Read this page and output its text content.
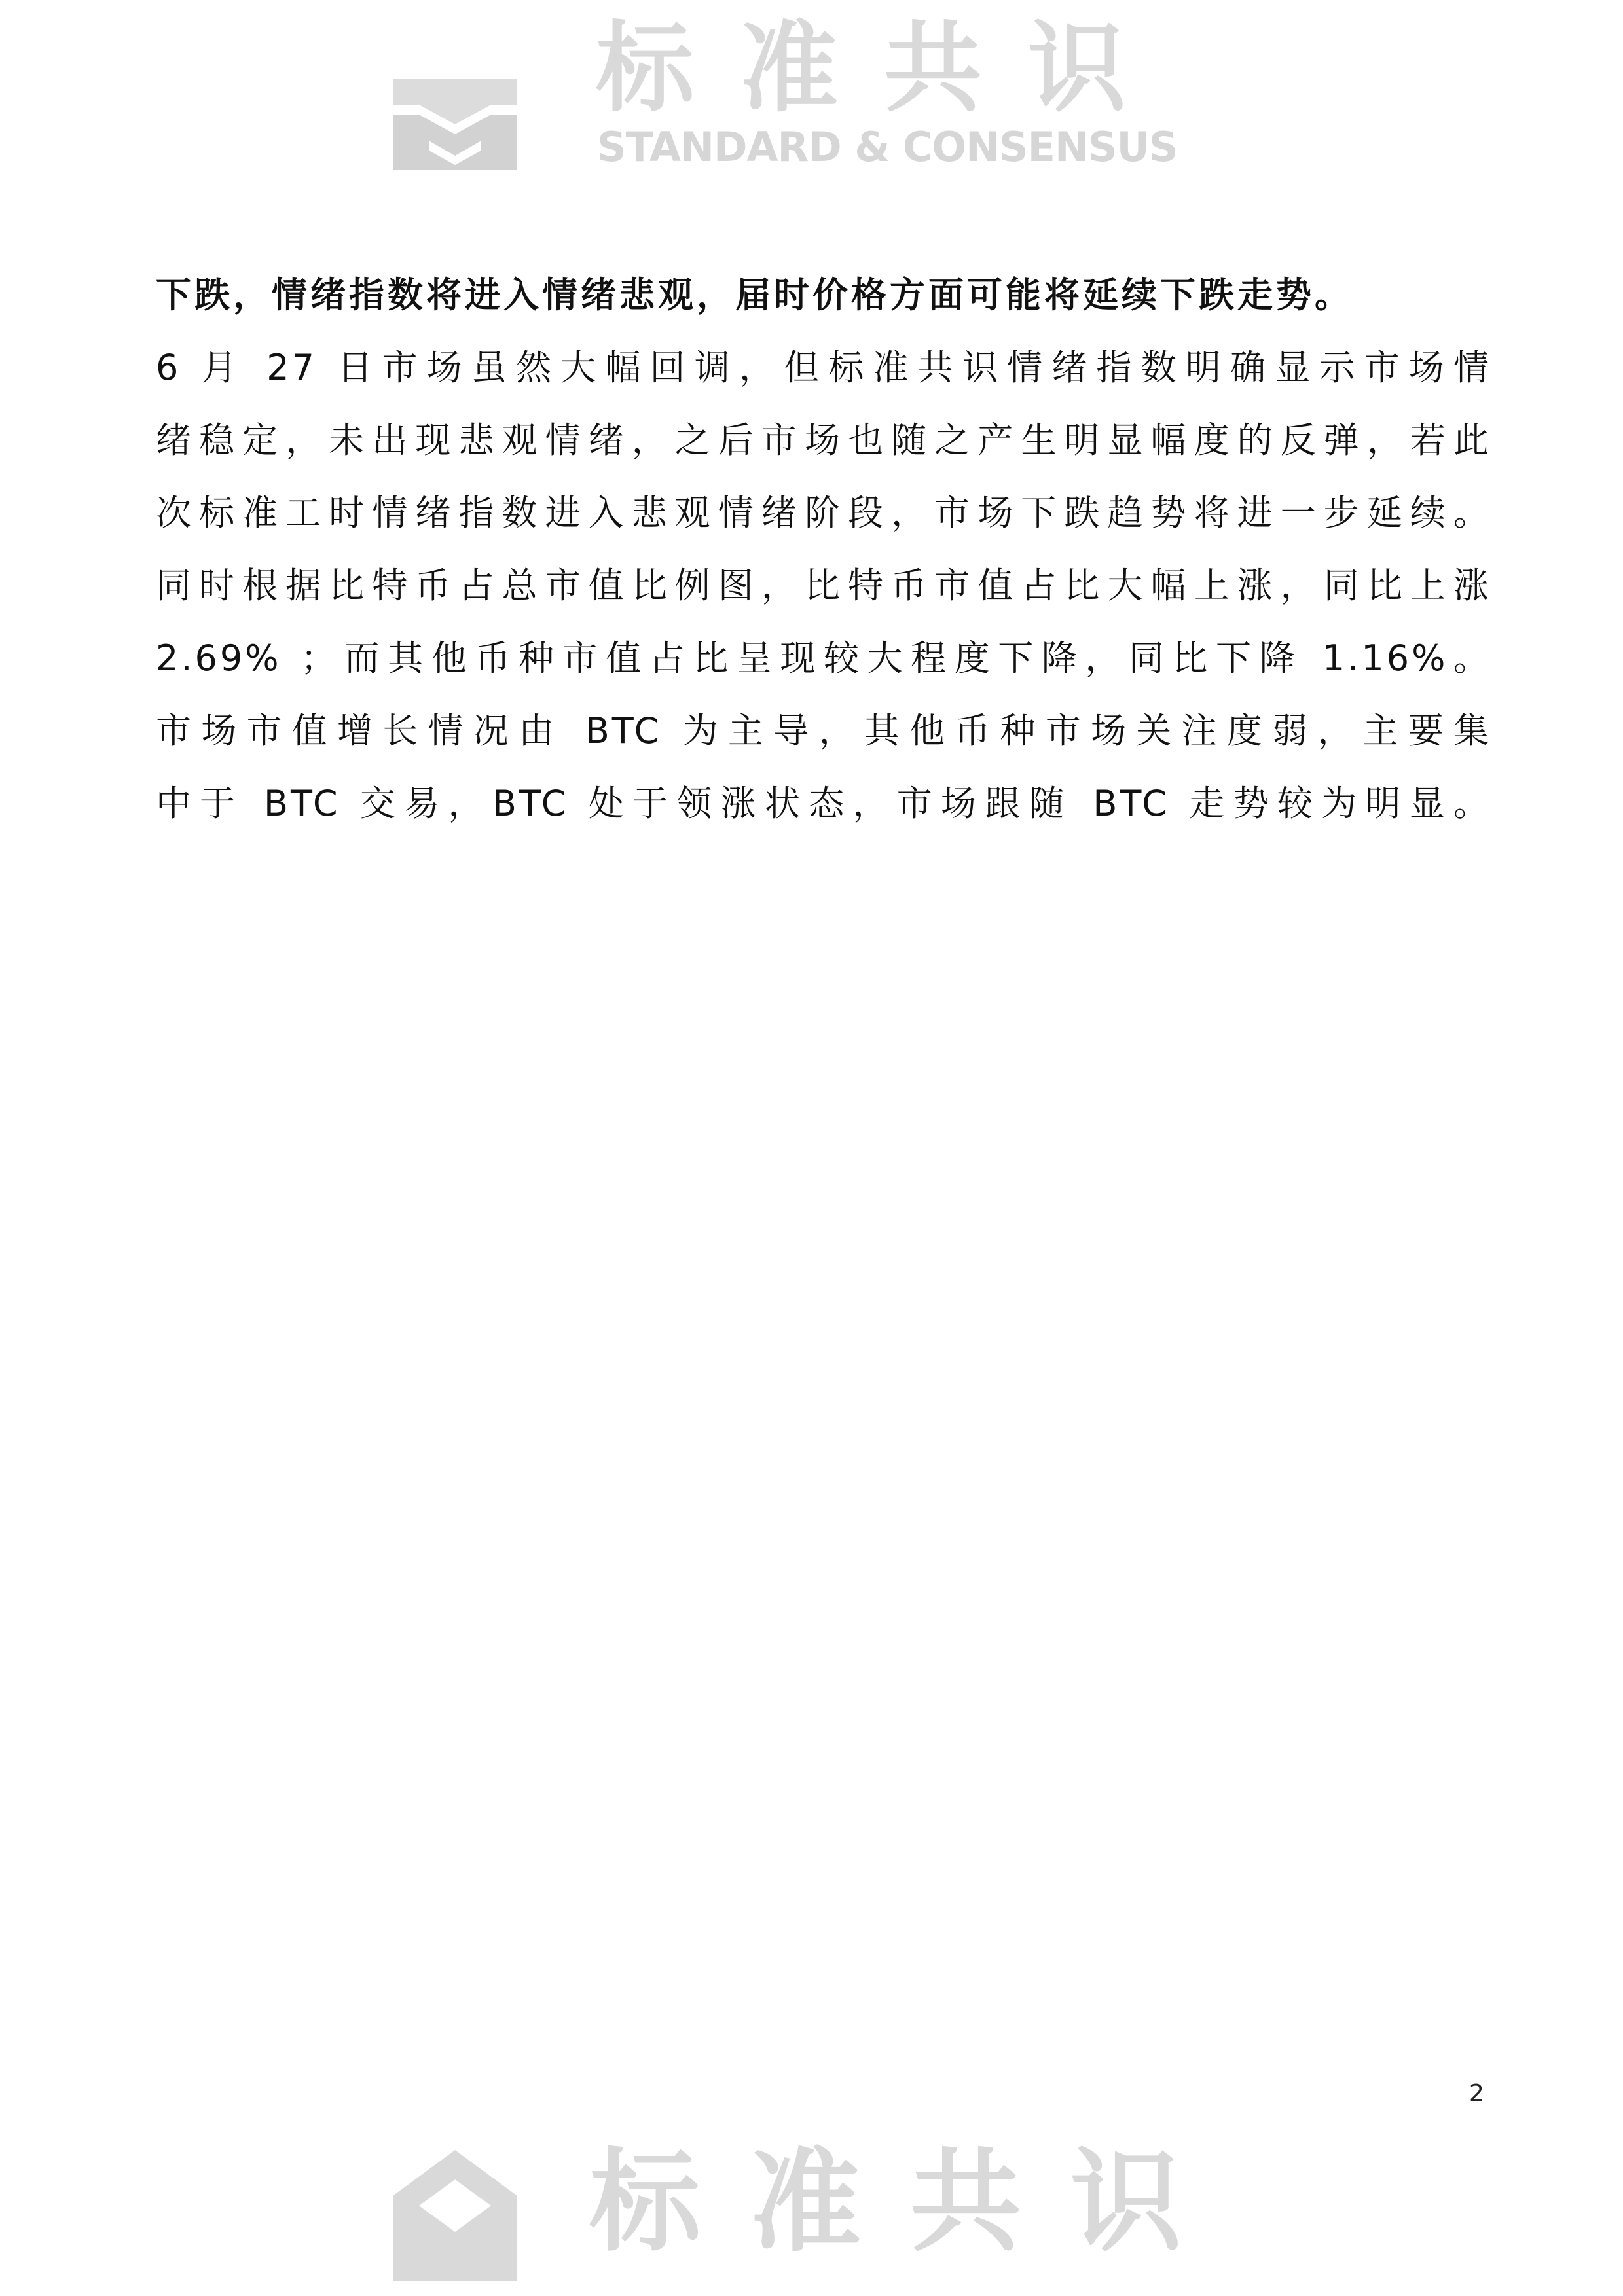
标准共识
STANDARD & CONSENSUS
下跌，情绪指数将进入情绪悲观，届时价格方面可能将延续下跌走势。
6 月 27 日市场虽然大幅回调，但标准共识情绪指数明确显示市场情
绪稳定，未出现悲观情绪，之后市场也随之产生明显幅度的反弹，若此
次标准工时情绪指数进入悲观情绪阶段，市场下跌趋势将进一步延续。
同时根据比特币占总市值比例图，比特币市值占比大幅上涨，同比上涨
2.69% ；而其他币种市值占比呈现较大程度下降，同比下降 1.16%。
市场市值增长情况由 BTC 为主导，其他币种市场关注度弱，主要集
中于 BTC 交易，BTC 处于领涨状态，市场跟随 BTC 走势较为明显。
2
标准共识
